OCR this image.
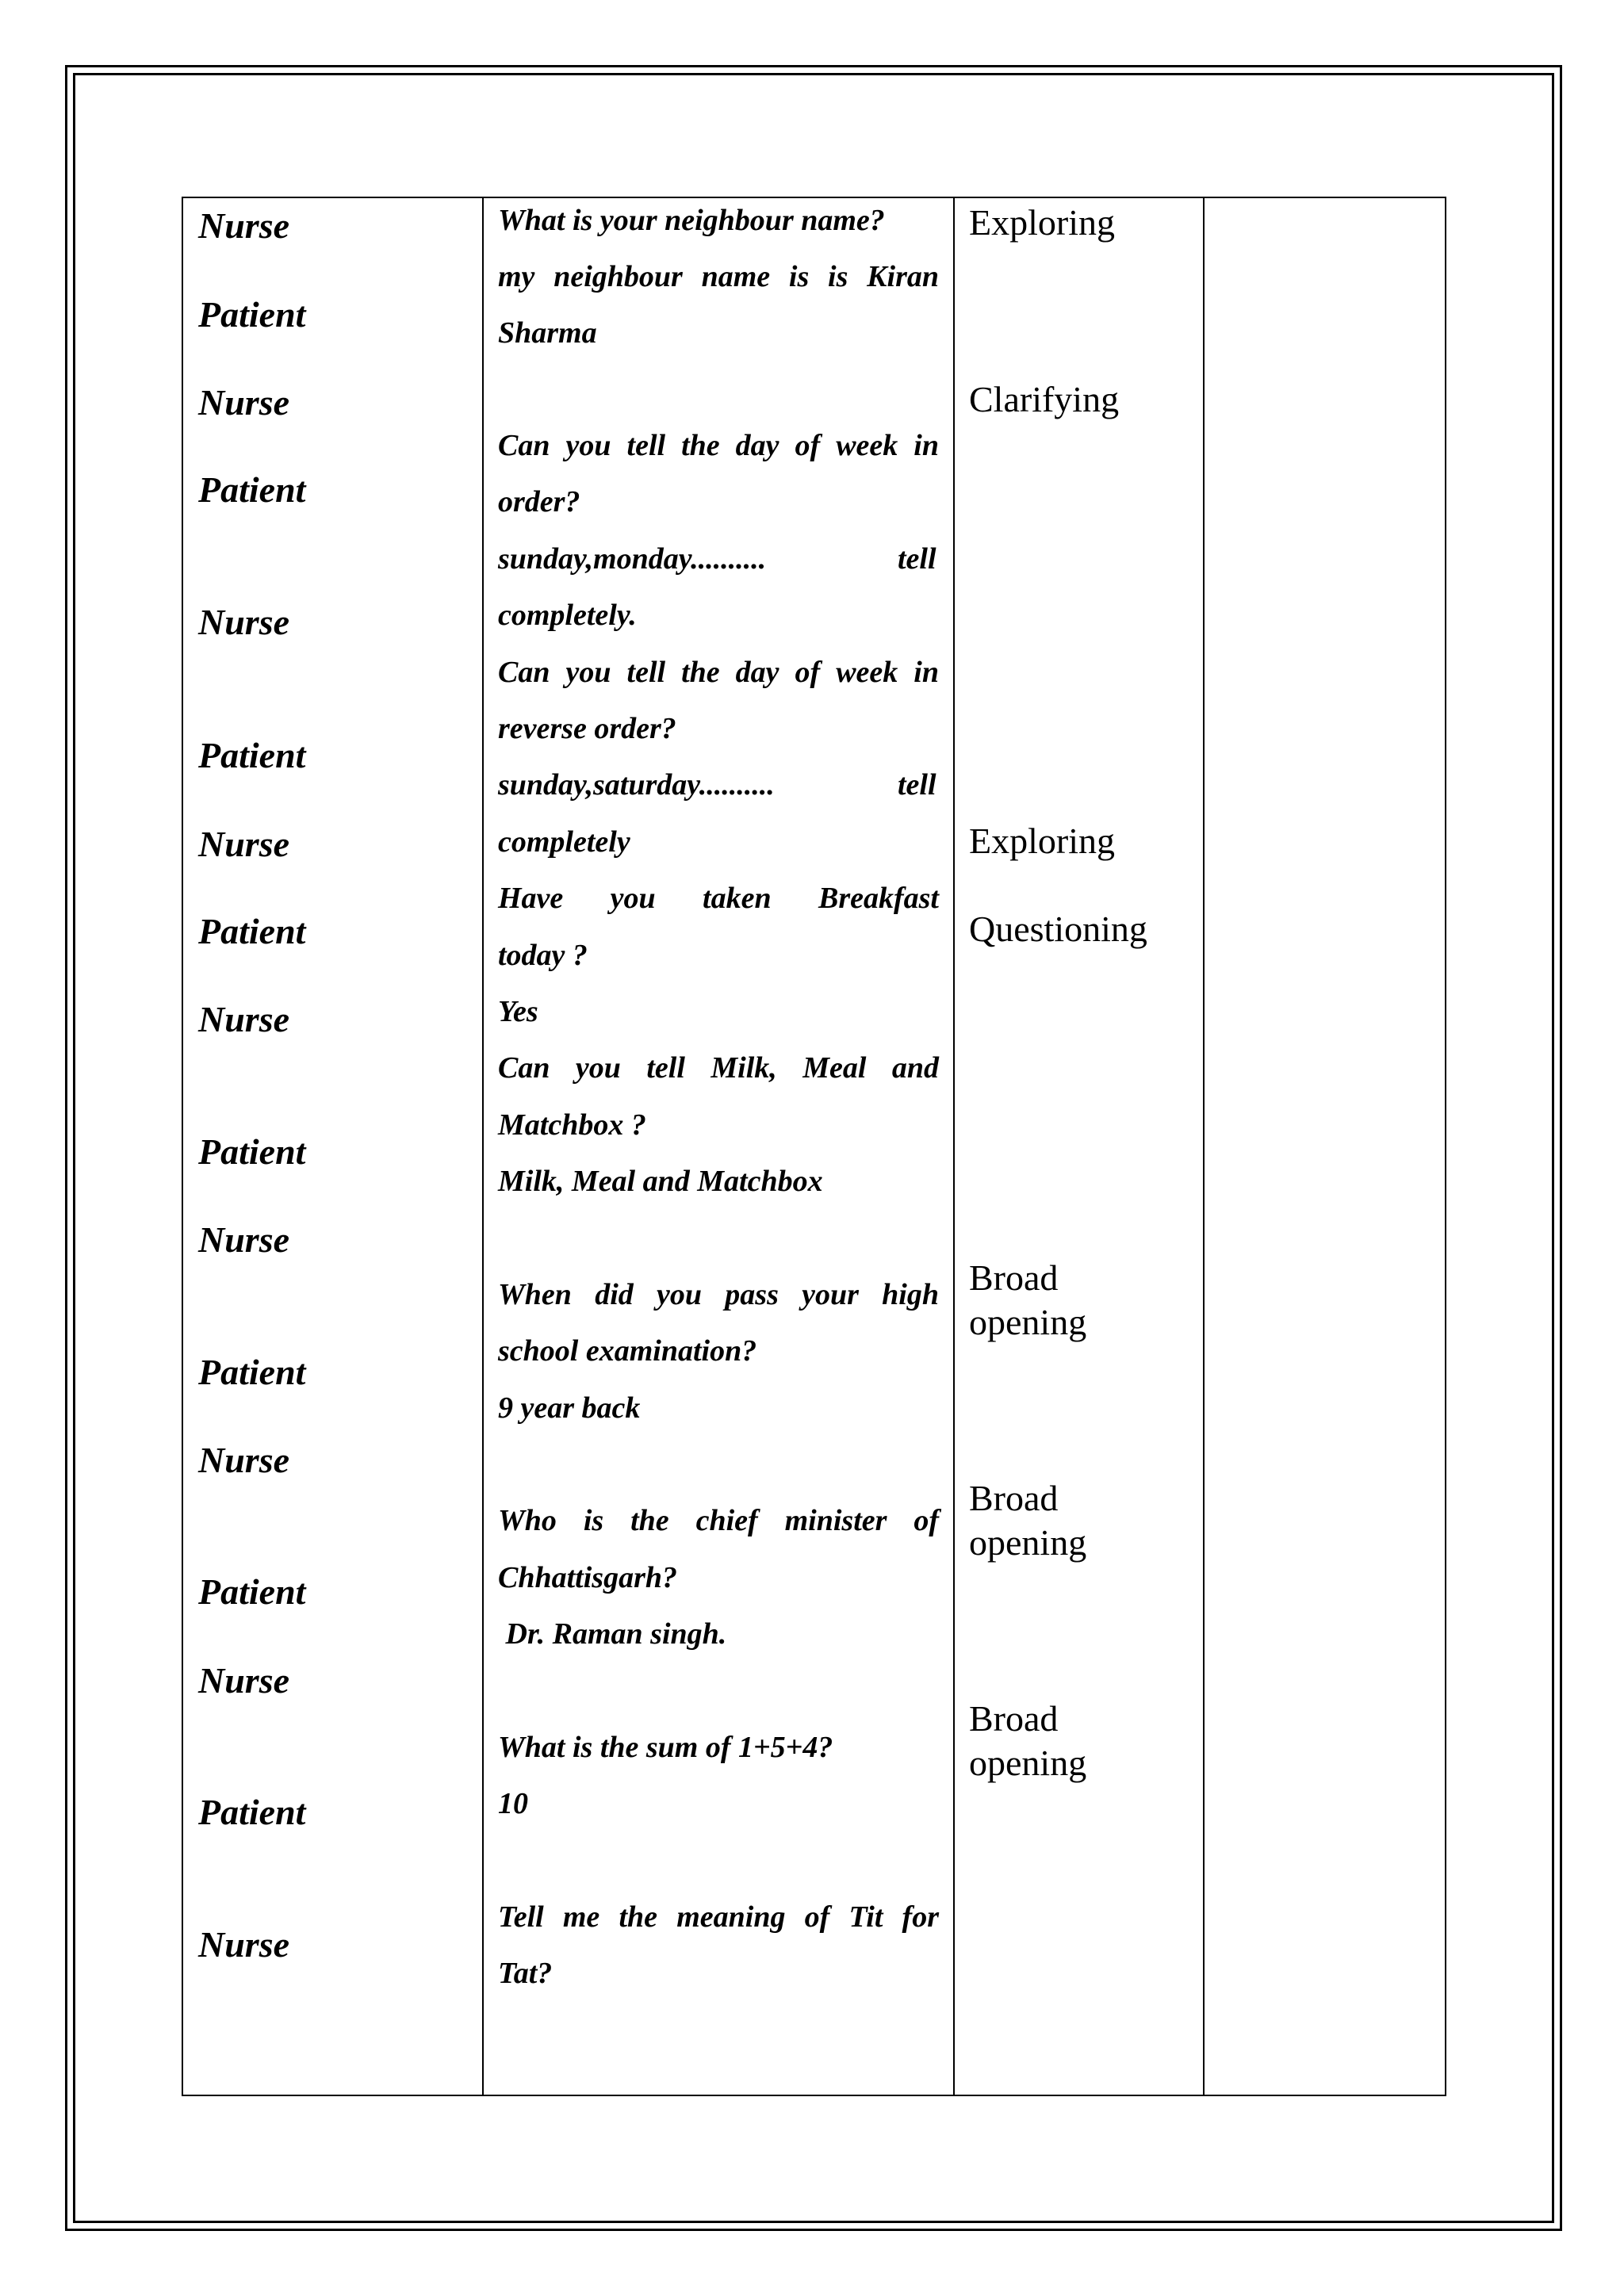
Nurse
Patient
Nurse
Patient
Nurse
Patient
Nurse
Patient
Nurse
Patient
Nurse
Patient
Nurse
Patient
Nurse
Patient
Nurse
What is your neighbour name?
my neighbour name is is Kiran
Sharma
Can you tell the day of week in
order?
sunday,monday..........	tell
completely.
Can you tell the day of week in
reverse order?
sunday,saturday..........	tell
completely
Have you taken Breakfast
today ?
Yes
Can you tell Milk, Meal and
Matchbox ?
Milk, Meal and Matchbox
When did you pass your high
school examination?
9 year back
Who is the chief minister of
Chhattisgarh?
Dr. Raman singh.
What is the sum of 1+5+4?
10
Tell me the meaning of Tit for
Tat?
Exploring
Clarifying
Exploring
Questioning
Broad
opening
Broad
opening
Broad
opening
